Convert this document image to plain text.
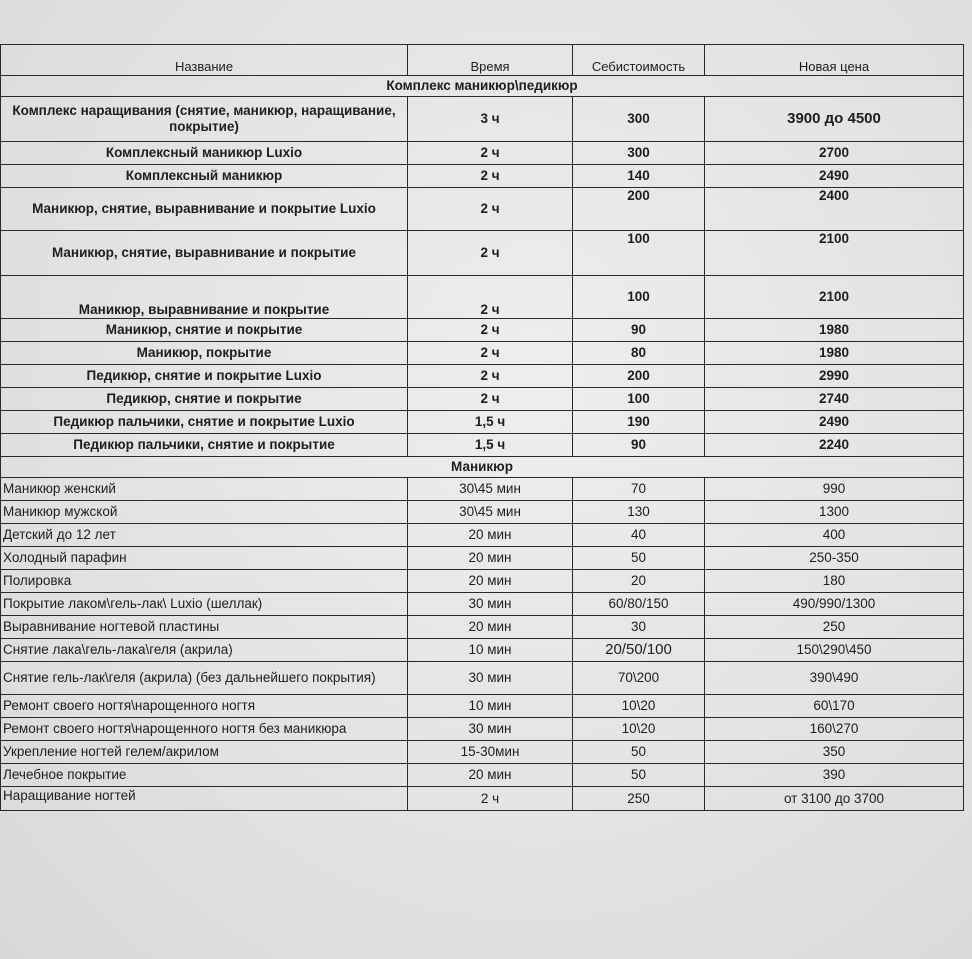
Название	Время	Себистоимость	Новая цена
Комплекс маникюр\педикюр			
Комплекс наращивания (снятие, маникюр, наращивание, покрытие)	3 ч	300	3900 до 4500
Комплексный маникюр Luxio	2 ч	300	2700
Комплексный маникюр	2 ч	140	2490
Маникюр, снятие, выравнивание и покрытие Luxio	2 ч	200	2400
Маникюр, снятие, выравнивание и покрытие	2 ч	100	2100
Маникюр, выравнивание и покрытие	2 ч	100	2100
Маникюр, снятие и покрытие	2 ч	90	1980
Маникюр, покрытие	2 ч	80	1980
Педикюр, снятие и покрытие Luxio	2 ч	200	2990
Педикюр, снятие и покрытие	2 ч	100	2740
Педикюр пальчики, снятие и покрытие Luxio	1,5 ч	190	2490
Педикюр пальчики, снятие и покрытие	1,5 ч	90	2240
Маникюр			
Маникюр женский	30\45 мин	70	990
Маникюр мужской	30\45 мин	130	1300
Детский до 12 лет	20 мин	40	400
Холодный парафин	20 мин	50	250-350
Полировка	20 мин	20	180
Покрытие лаком\гель-лак\ Luxio (шеллак)	30 мин	60/80/150	490/990/1300
Выравнивание ногтевой пластины	20 мин	30	250
Снятие лака\гель-лака\геля (акрила)	10 мин	20/50/100	150\290\450
Снятие гель-лак\геля (акрила) (без дальнейшего покрытия)	30 мин	70\200	390\490
Ремонт своего ногтя\нарощенного ногтя	10 мин	10\20	60\170
Ремонт своего ногтя\нарощенного ногтя без маникюра	30 мин	10\20	160\270
Укрепление ногтей гелем/акрилом	15-30мин	50	350
Лечебное покрытие	20 мин	50	390
Наращивание ногтей	2 ч	250	от 3100 до 3700
